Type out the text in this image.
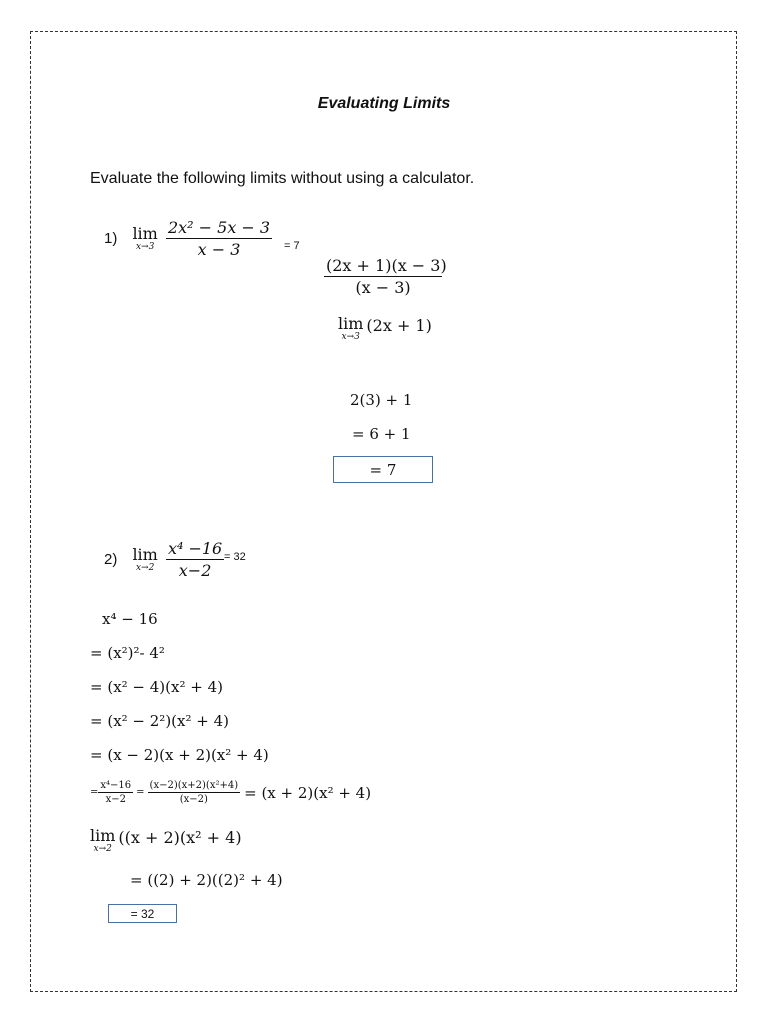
Evaluating Limits
Evaluate the following limits without using a calculator.
1) lim
x→3
$\frac{\text{2x² − 5x − 3}}{x - 3} = 7$
$\frac{(2x + 1)(x - 3)}{(x - 3)}$
lim
x→3
(2x + 1)
2(3) + 1
= 6 + 1
= 7
2) lim
x→2
$\frac{\text{x⁴ −16}}{x-2} = 32$
x⁴ − 16
= (x²)²- 4²
= (x² − 4)(x² + 4)
= (x² − 2²)(x² + 4)
= (x − 2)(x + 2)(x² + 4)
= $\frac{\text{x⁴−16}}{x-2} = \frac{\text{(x−2)(x+2)(x²+4)}}{(x-2)} = (x + 2)(x^2 + 4)$
lim
x→2
((x + 2)(x² + 4)
= ((2) + 2)((2)² + 4)
= 32
